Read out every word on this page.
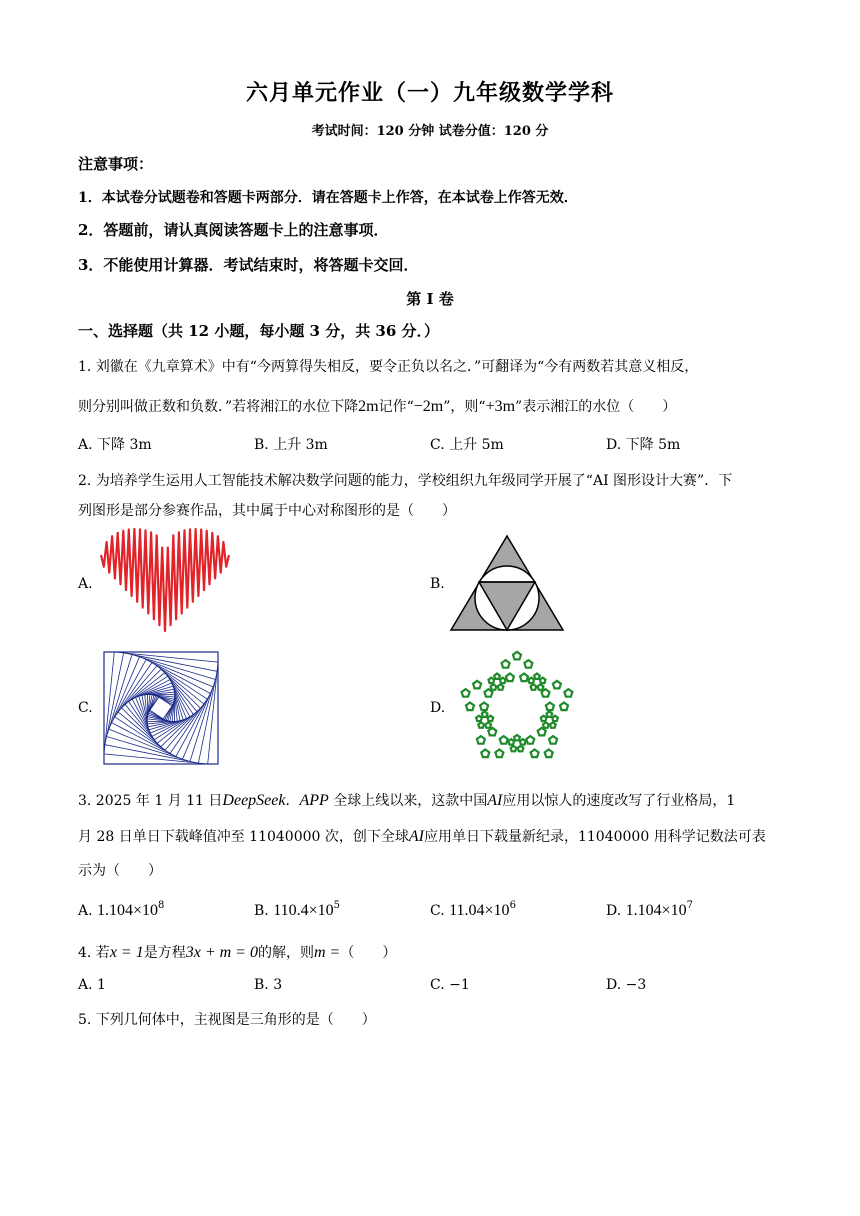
六月单元作业（一）九年级数学学科
考试时间：120 分钟 试卷分值：120 分
注意事项：
1．本试卷分试题卷和答题卡两部分．请在答题卡上作答，在本试卷上作答无效．
2．答题前，请认真阅读答题卡上的注意事项．
3．不能使用计算器．考试结束时，将答题卡交回．
第 I 卷
一、选择题（共 12 小题，每小题 3 分，共 36 分．）
1. 刘徽在《九章算术》中有“今两算得失相反，要令正负以名之．”可翻译为“今有两数若其意义相反，
则分别叫做正数和负数．”若将湘江的水位下降2m记作“−2m”，则“+3m”表示湘江的水位（　　）
A. 下降 3m	B. 上升 3m	C. 上升 5m	D. 下降 5m
2. 为培养学生运用人工智能技术解决数学问题的能力，学校组织九年级同学开展了“AI 图形设计大赛”．下
列图形是部分参赛作品，其中属于中心对称图形的是（　　）
A.	B.
C.	D.
3. 2025 年 1 月 11 日DeepSeek．APP 全球上线以来，这款中国AI应用以惊人的速度改写了行业格局，1
月 28 日单日下载峰值冲至 11040000 次，创下全球AI应用单日下载量新纪录，11040000 用科学记数法可表
示为（　　）
A. $1.104\times 10^8$	B. $110.4\times 10^5$	C. $11.04\times 10^6$	D. $1.104\times 10^7$
4. 若x = 1是方程3x + m = 0的解，则m =（　　）
A. 1	B. 3	C. −1	D. −3
5. 下列几何体中，主视图是三角形的是（　　）
